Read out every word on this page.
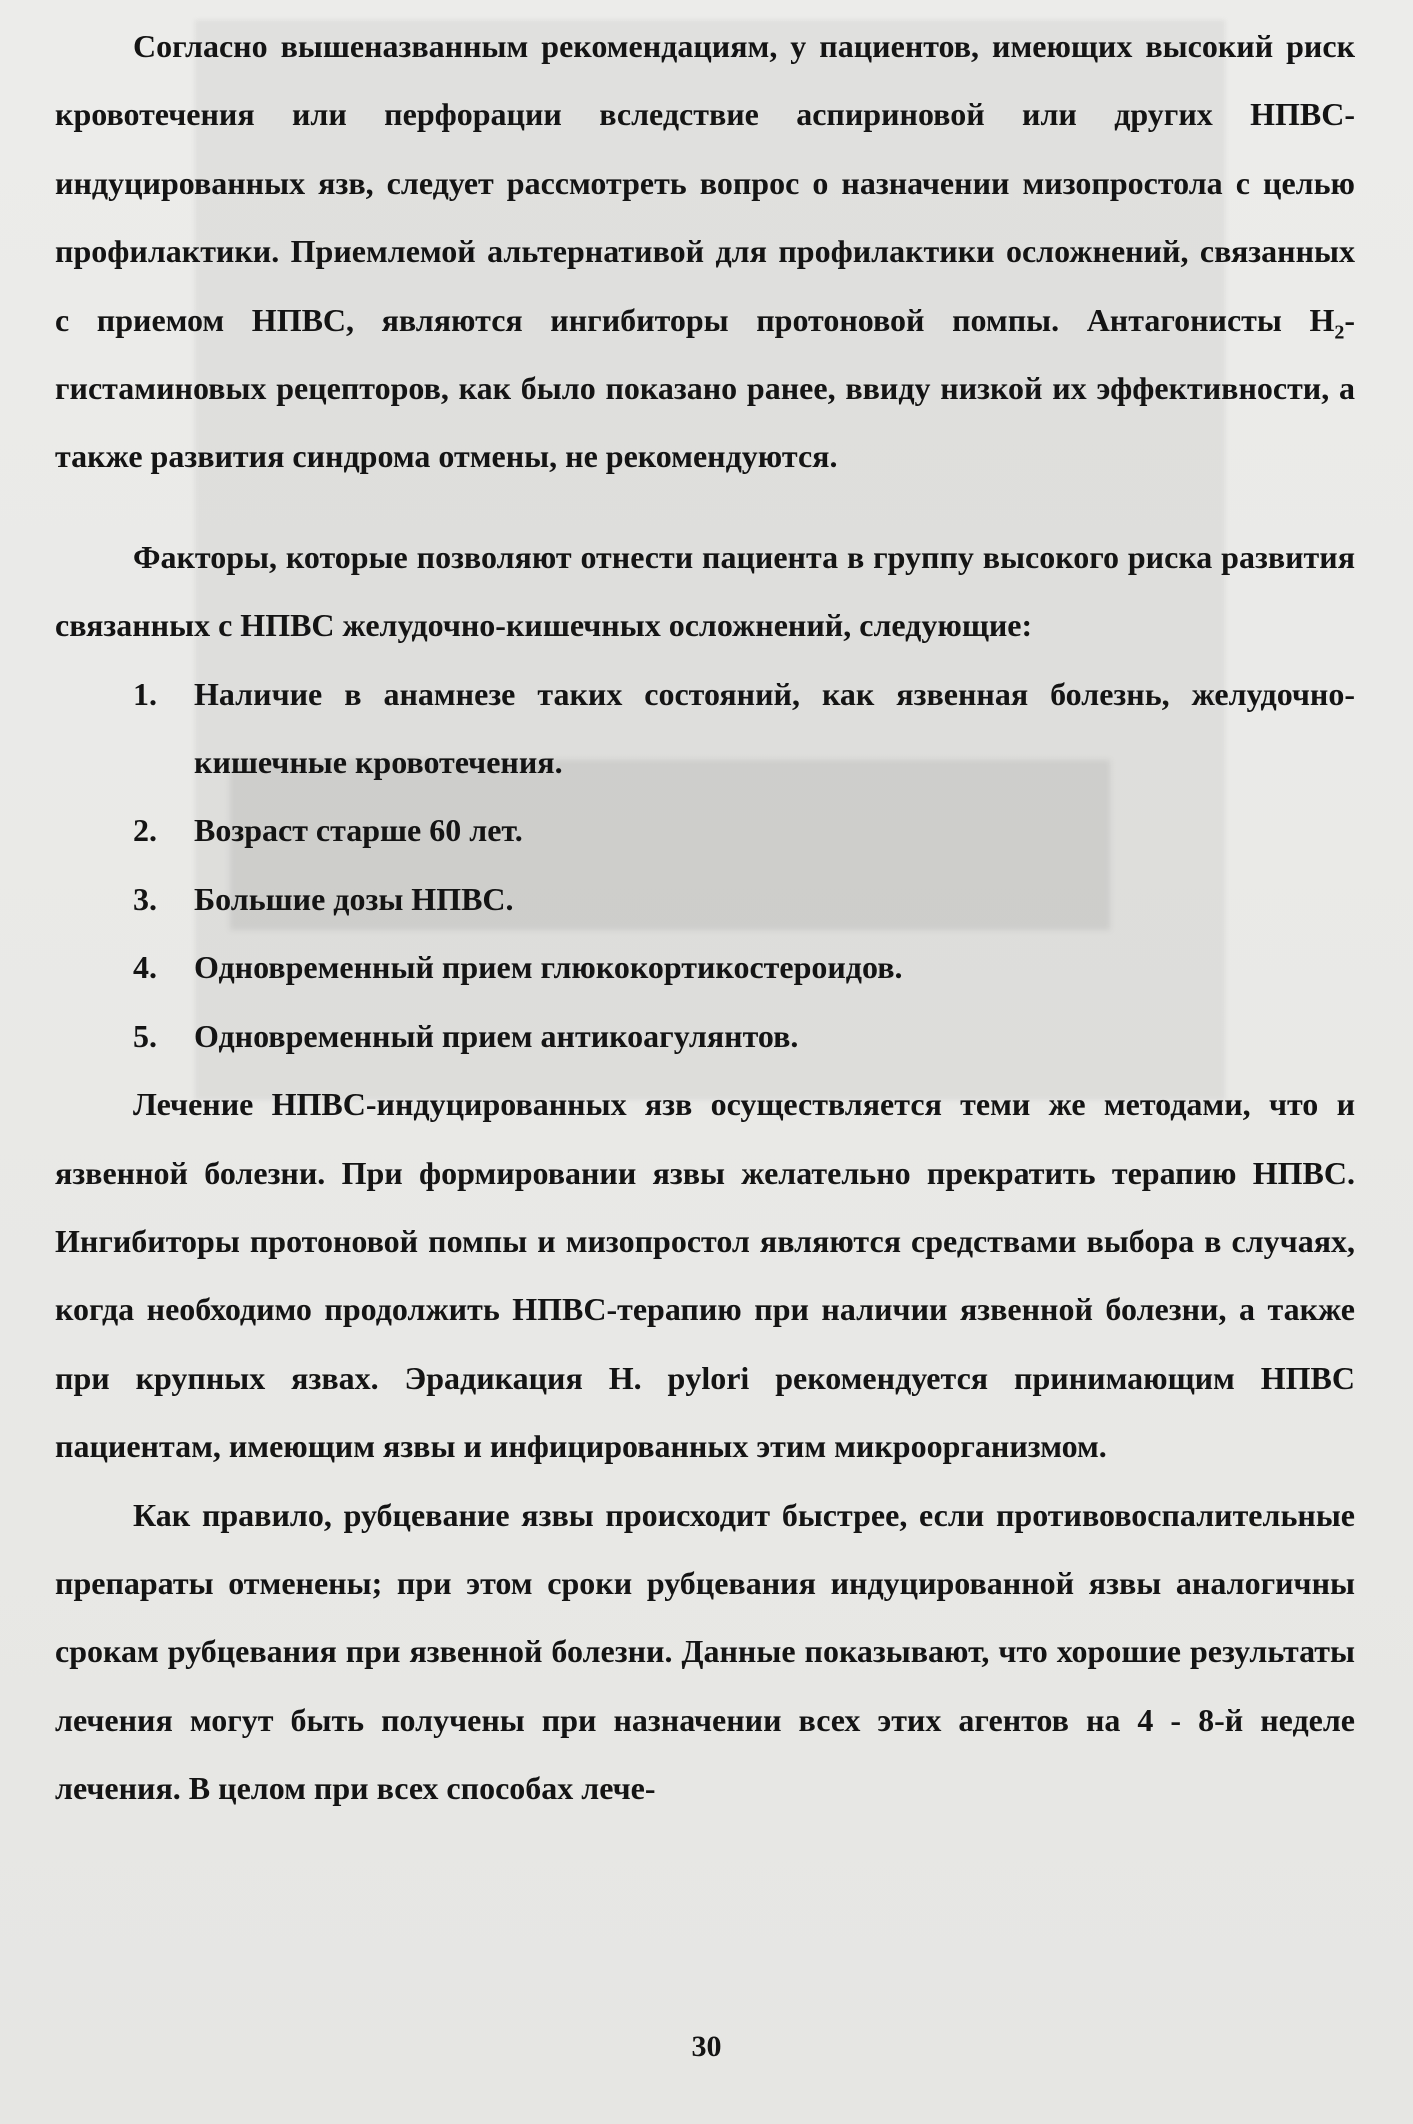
Согласно вышеназванным рекомендациям, у пациентов, имеющих высокий риск кровотечения или перфорации вследствие аспириновой или других НПВС-индуцированных язв, следует рассмотреть вопрос о назначении мизопростола с целью профилактики. Приемлемой альтернативой для профилактики осложнений, связанных с приемом НПВС, являются ингибиторы протоновой помпы. Антагонисты $Н_2$-гистаминовых рецепторов, как было показано ранее, ввиду низкой их эффективности, а также развития синдрома отмены, не рекомендуются.

Факторы, которые позволяют отнести пациента в группу высокого риска развития связанных с НПВС желудочно-кишечных осложнений, следующие:

1. Наличие в анамнезе таких состояний, как язвенная болезнь, желудочно-кишечные кровотечения.
2. Возраст старше 60 лет.
3. Большие дозы НПВС.
4. Одновременный прием глюкокортикостероидов.
5. Одновременный прием антикоагулянтов.

Лечение НПВС-индуцированных язв осуществляется теми же методами, что и язвенной болезни. При формировании язвы желательно прекратить терапию НПВС. Ингибиторы протоновой помпы и мизопростол являются средствами выбора в случаях, когда необходимо продолжить НПВС-терапию при наличии язвенной болезни, а также при крупных язвах. Эрадикация H. pylori рекомендуется принимающим НПВС пациентам, имеющим язвы и инфицированных этим микроорганизмом.

Как правило, рубцевание язвы происходит быстрее, если противовоспалительные препараты отменены; при этом сроки рубцевания индуцированной язвы аналогичны срокам рубцевания при язвенной болезни. Данные показывают, что хорошие результаты лечения могут быть получены при назначении всех этих агентов на 4 - 8-й неделе лечения. В целом при всех способах лече-

30
